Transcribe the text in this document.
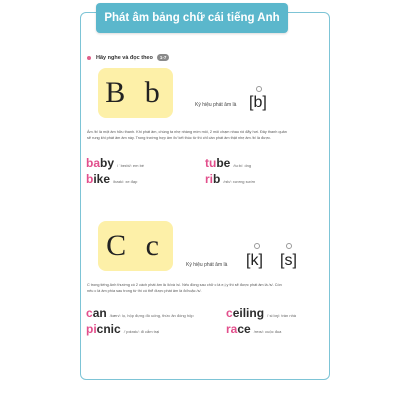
Phát âm bảng chữ cái tiếng Anh
Hãy nghe và đọc theo	1-7
B b	Ký hiệu phát âm là [b]
Âm /b/ là một âm hữu thanh. Khi phát âm, chúng ta nhẹ nhàng mím môi, 2 môi chạm nhau rồi đẩy hơi. Đây thanh quản sẽ rung khi phát âm âm này. Trong trường hợp âm /b/ kết thúc từ thì chỉ cần phát âm thật nhẹ âm /b/ là được.
ba by / ˈbeɪbi/: em bé
b ike /baɪk/: xe đạp
tu be /tuːb/: ống
ri b /rɪb/: xương sườn
C c
Ký hiệu phát âm là [k] [s]
C trong tiếng Anh thường có 2 cách phát âm là /k/và /s/. Nếu đồng sau chữ c là e,i,y thì sẽ được phát âm là /s/. Còn nếu c là âm phía sau trong từ thì có thể được phát âm là /k/hoặc /s/.
c an /kæn/: lọ, hộp đựng đồ uống, thức ăn đóng hộp	c eiling /ˈsiːlɪŋ/: trần nhà
pi cnic /ˈpɪknɪk/: đi cắm trại	ra ce /reɪs/: cuộc đua
